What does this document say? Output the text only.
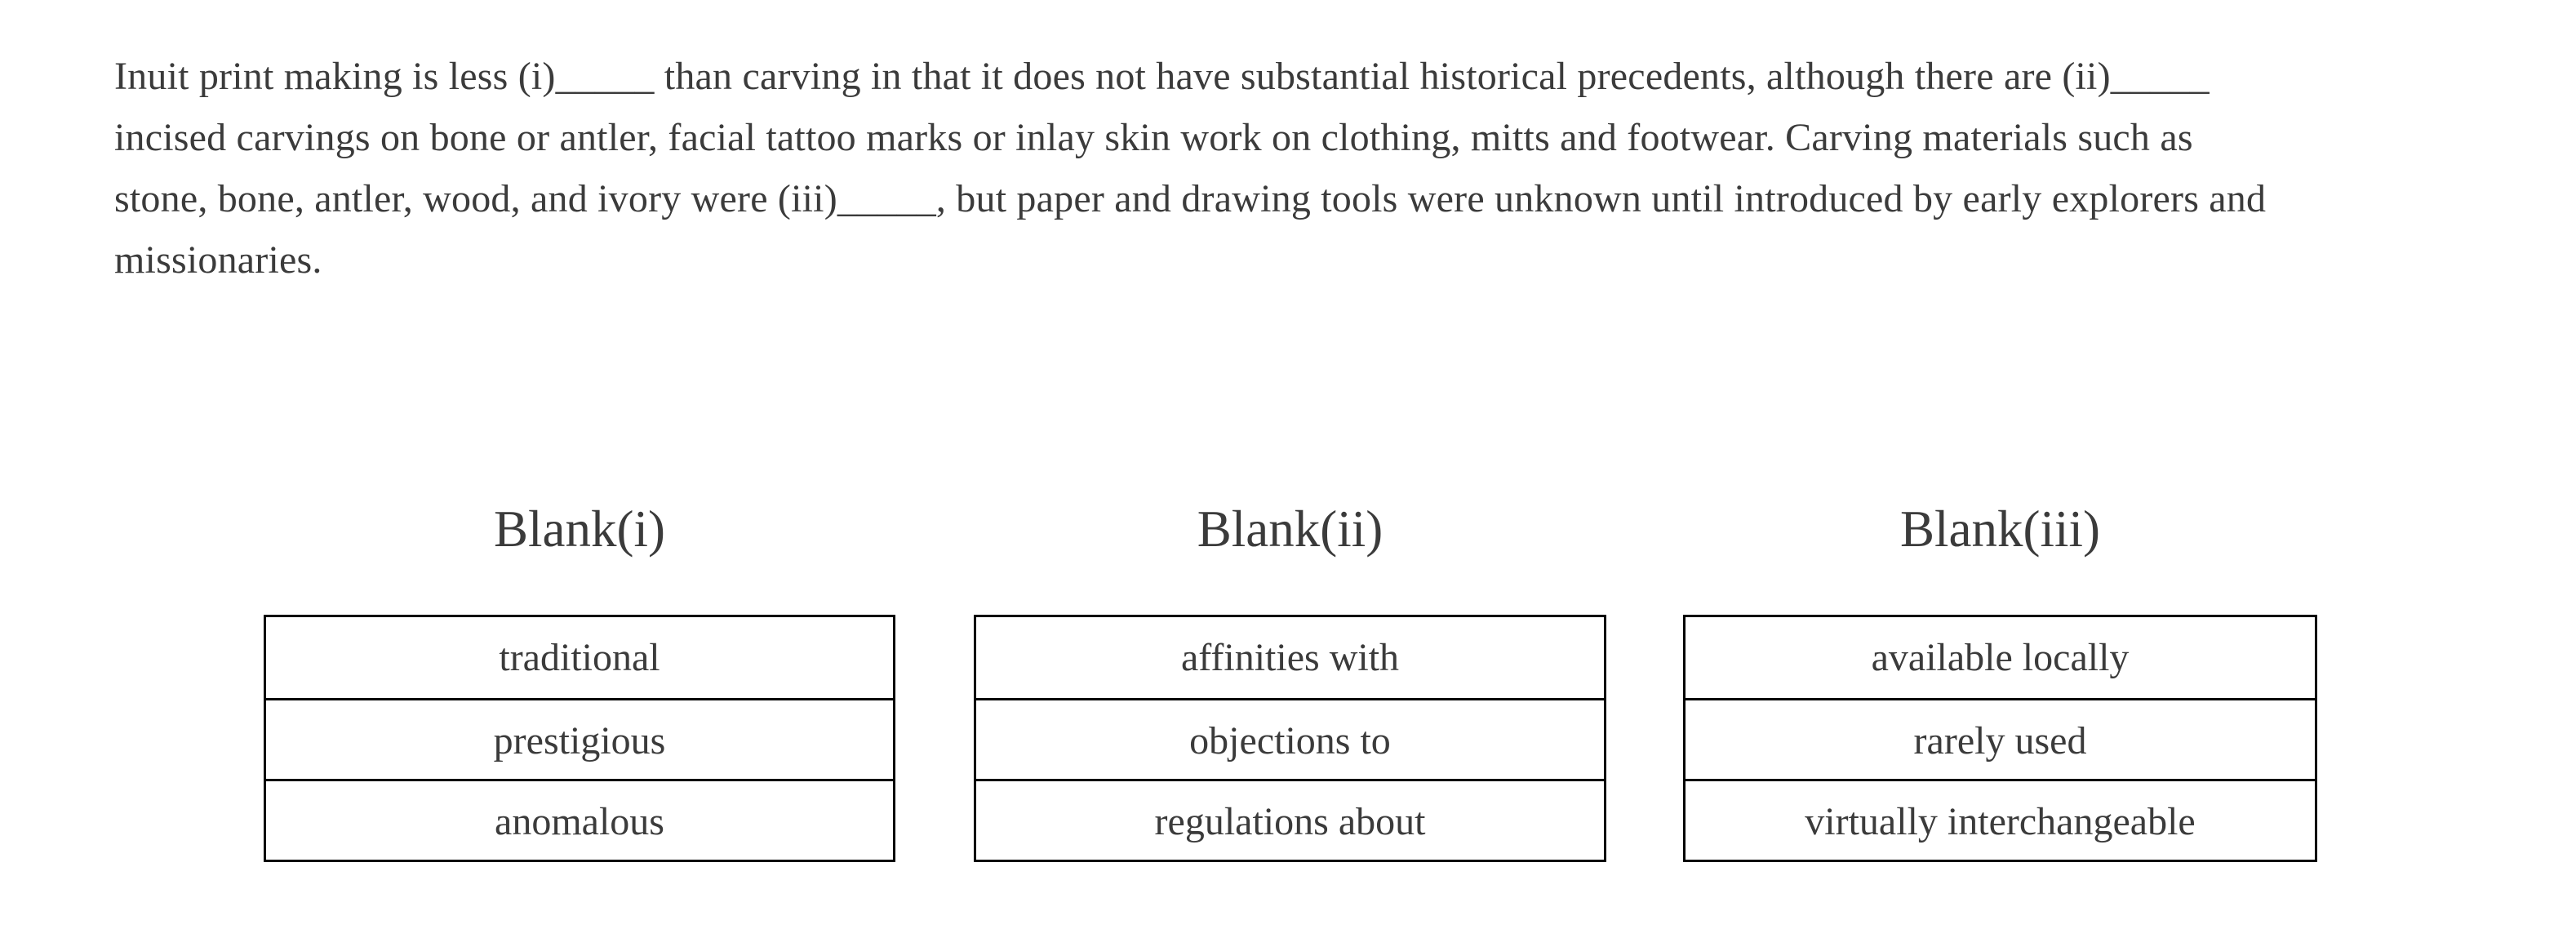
Inuit print making is less (i)_____ than carving in that it does not have substantial historical precedents, although there are (ii)_____
incised carvings on bone or antler, facial tattoo marks or inlay skin work on clothing, mitts and footwear. Carving materials such as
stone, bone, antler, wood, and ivory were (iii)_____, but paper and drawing tools were unknown until introduced by early explorers and
missionaries.
Blank(i)	Blank(ii)	Blank(iii)
traditional
prestigious
anomalous
affinities with
objections to
regulations about
available locally
rarely used
virtually interchangeable
